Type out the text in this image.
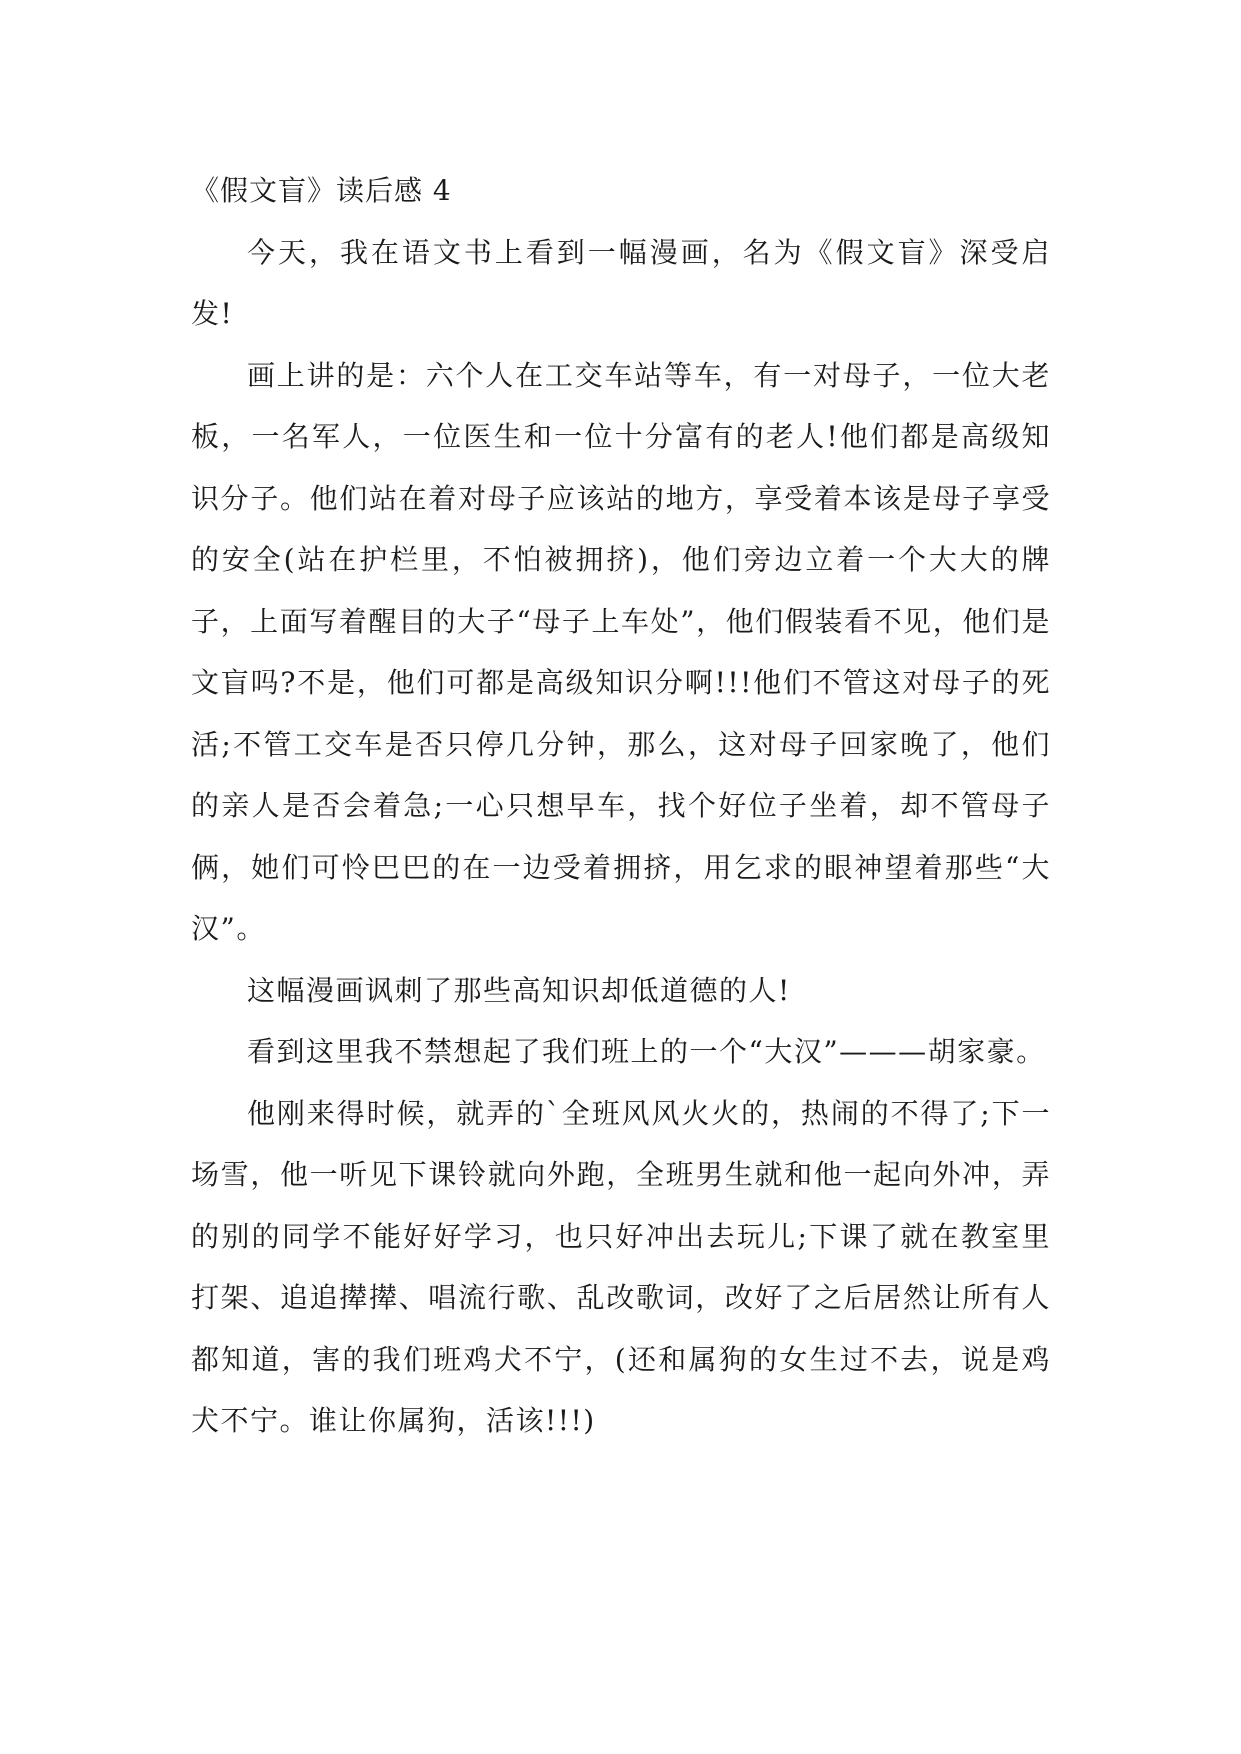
《假文盲》读后感 4

今天，我在语文书上看到一幅漫画，名为《假文盲》深受启发!

画上讲的是：六个人在工交车站等车，有一对母子，一位大老板，一名军人，一位医生和一位十分富有的老人!他们都是高级知识分子。他们站在着对母子应该站的地方，享受着本该是母子享受的安全(站在护栏里，不怕被拥挤)，他们旁边立着一个大大的牌子，上面写着醒目的大子“母子上车处”，他们假装看不见，他们是文盲吗?不是，他们可都是高级知识分啊!!!他们不管这对母子的死活;不管工交车是否只停几分钟，那么，这对母子回家晚了，他们的亲人是否会着急;一心只想早车，找个好位子坐着，却不管母子俩，她们可怜巴巴的在一边受着拥挤，用乞求的眼神望着那些“大汉”。

这幅漫画讽刺了那些高知识却低道德的人!

看到这里我不禁想起了我们班上的一个“大汉”———胡家豪。

他刚来得时候，就弄的`全班风风火火的，热闹的不得了;下一场雪，他一听见下课铃就向外跑，全班男生就和他一起向外冲，弄的别的同学不能好好学习，也只好冲出去玩儿;下课了就在教室里打架、追追撵撵、唱流行歌、乱改歌词，改好了之后居然让所有人都知道，害的我们班鸡犬不宁，(还和属狗的女生过不去，说是鸡犬不宁。谁让你属狗，活该!!!)
